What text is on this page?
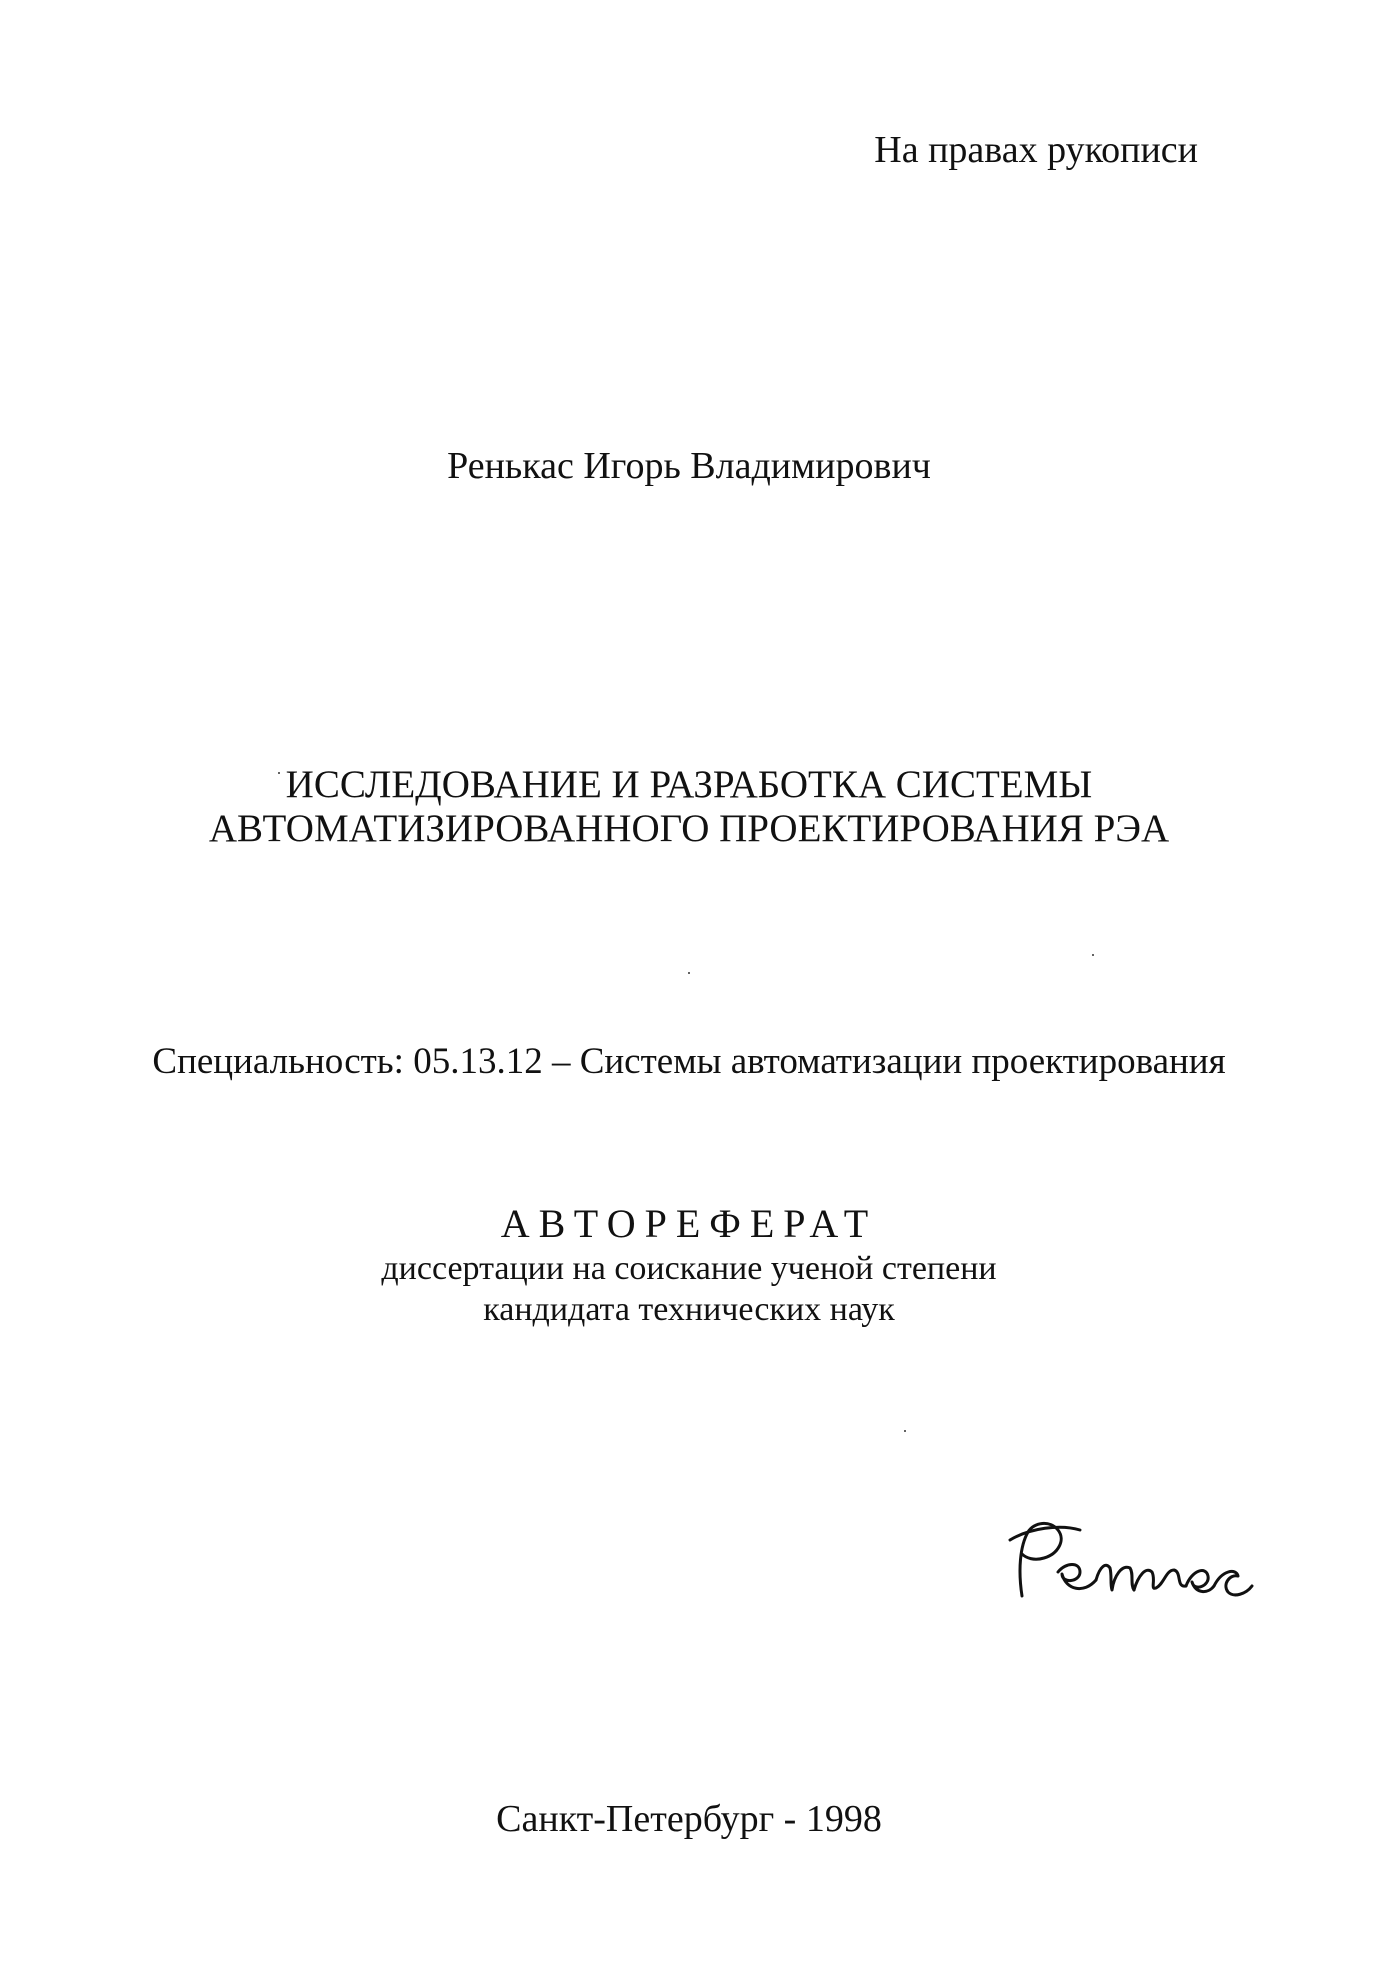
На правах рукописи
Ренькас Игорь Владимирович
ИССЛЕДОВАНИЕ И РАЗРАБОТКА СИСТЕМЫ
АВТОМАТИЗИРОВАННОГО ПРОЕКТИРОВАНИЯ РЭА
Специальность: 05.13.12 – Системы автоматизации проектирования
АВТОРЕФЕРАТ
диссертации на соискание ученой степени
кандидата технических наук
Санкт-Петербург - 1998
